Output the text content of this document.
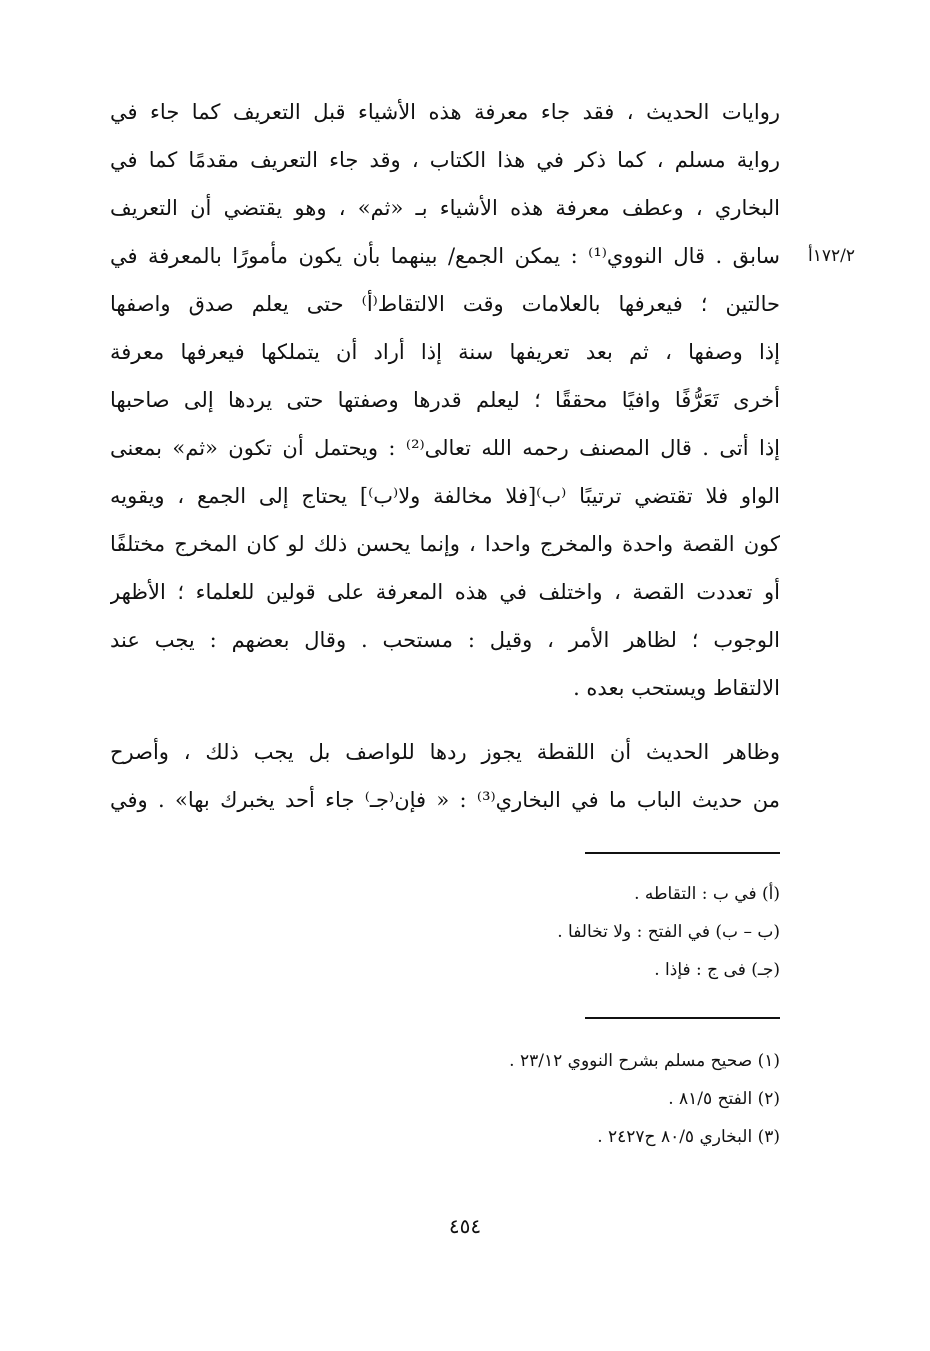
١٧٢/٢أ
روايات الحديث ، فقد جاء معرفة هذه الأشياء قبل التعريف كما جاء في
رواية مسلم ، كما ذكر في هذا الكتاب ، وقد جاء التعريف مقدمًا كما في
البخاري ، وعطف معرفة هذه الأشياء بـ «ثم» ، وهو يقتضي أن التعريف
سابق . قال النووي⁽¹⁾ : يمكن الجمع/ بينهما بأن يكون مأمورًا بالمعرفة في
حالتين ؛ فيعرفها بالعلامات وقت الالتقاط⁽أ⁾ حتى يعلم صدق واصفها
إذا وصفها ، ثم بعد تعريفها سنة إذا أراد أن يتملكها فيعرفها معرفة
أخرى تَعَرُّفًا وافيًا محققًا ؛ ليعلم قدرها وصفتها حتى يردها إلى صاحبها
إذا أتى . قال المصنف رحمه الله تعالى⁽²⁾ : ويحتمل أن تكون «ثم» بمعنى
الواو فلا تقتضي ترتيبًا ⁽ب⁾[فلا مخالفة ولا⁽ب⁾] يحتاج إلى الجمع ، ويقويه
كون القصة واحدة والمخرج واحدا ، وإنما يحسن ذلك لو كان المخرج مختلفًا
أو تعددت القصة ، واختلف في هذه المعرفة على قولين للعلماء ؛ الأظهر
الوجوب ؛ لظاهر الأمر ، وقيل : مستحب . وقال بعضهم : يجب عند
الالتقاط ويستحب بعده .
وظاهر الحديث أن اللقطة يجوز ردها للواصف بل يجب ذلك ، وأصرح
من حديث الباب ما في البخاري⁽³⁾ : « فإن⁽جـ⁾ جاء أحد يخبرك بها» . وفي
(أ) في ب : التقاطه .
(ب – ب) في الفتح : ولا تخالفا .
(جـ) فى ج : فإذا .
(١) صحيح مسلم بشرح النووي ٢٣/١٢ .
(٢) الفتح ٨١/٥ .
(٣) البخاري ٨٠/٥ ح٢٤٢٧ .
٤٥٤
